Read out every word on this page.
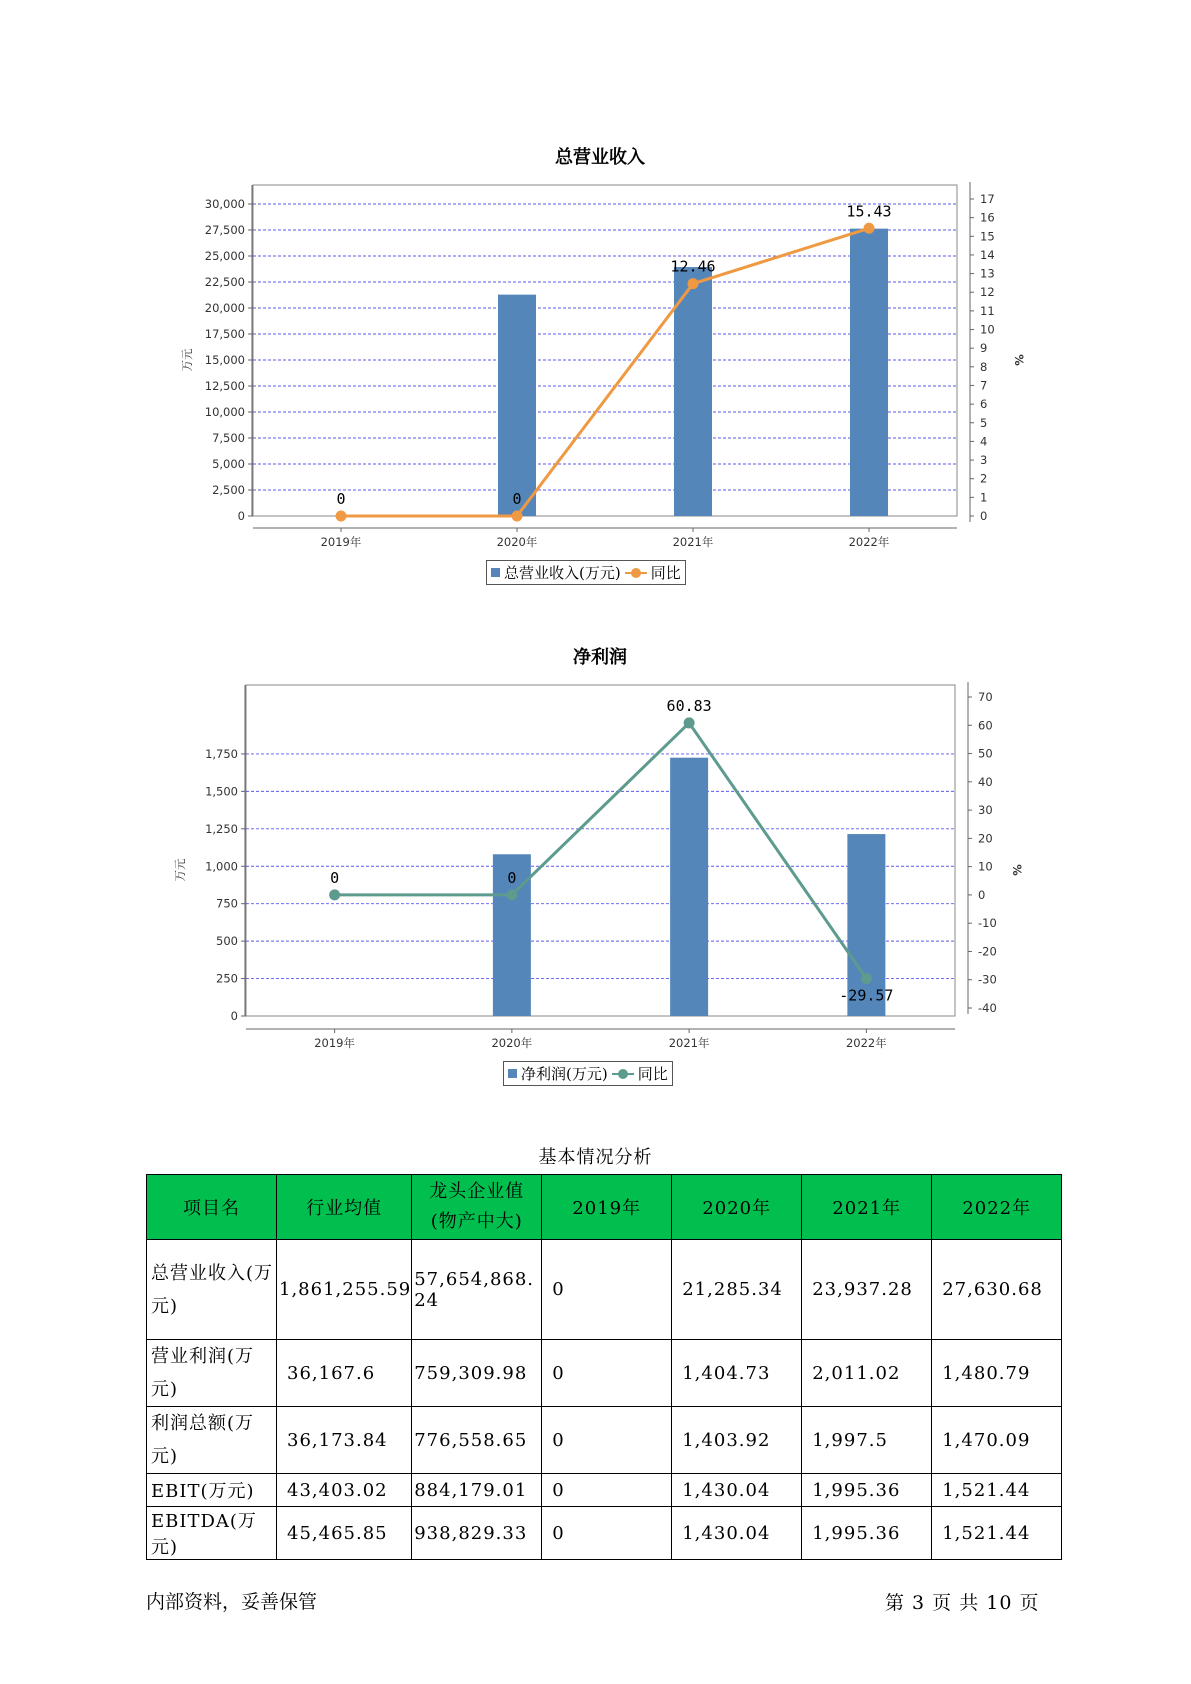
总营业收入
0
2,500
5,000
7,500
10,000
12,500
15,000
17,500
20,000
22,500
25,000
27,500
30,000
0
1
2
3
4
5
6
7
8
9
10
11
12
13
14
15
16
17
2019年	2020年	2021年	2022年
万元	%
0	0
12.46
15.43
总营业收入(万元) 同比
净利润
0
250
500
750
1,000
1,250
1,500
1,750
-40
-30
-20
-10
0
10
20
30
40
50
60
70
2019年	2020年	2021年	2022年
万元	%
0	0
60.83
-29.57
净利润(万元) 同比
基本情况分析
项目名	行业均值	龙头企业值(物产中大)	2019年	2020年	2021年	2022年
总营业收入(万元)	1,861,255.59	57,654,868.24	0	21,285.34	23,937.28	27,630.68
营业利润(万元)	36,167.6	759,309.98	0	1,404.73	2,011.02	1,480.79
利润总额(万元)	36,173.84	776,558.65	0	1,403.92	1,997.5	1,470.09
EBIT(万元)	43,403.02	884,179.01	0	1,430.04	1,995.36	1,521.44
EBITDA(万元)	45,465.85	938,829.33	0	1,430.04	1,995.36	1,521.44
内部资料，妥善保管	第 3 页 共 10 页
